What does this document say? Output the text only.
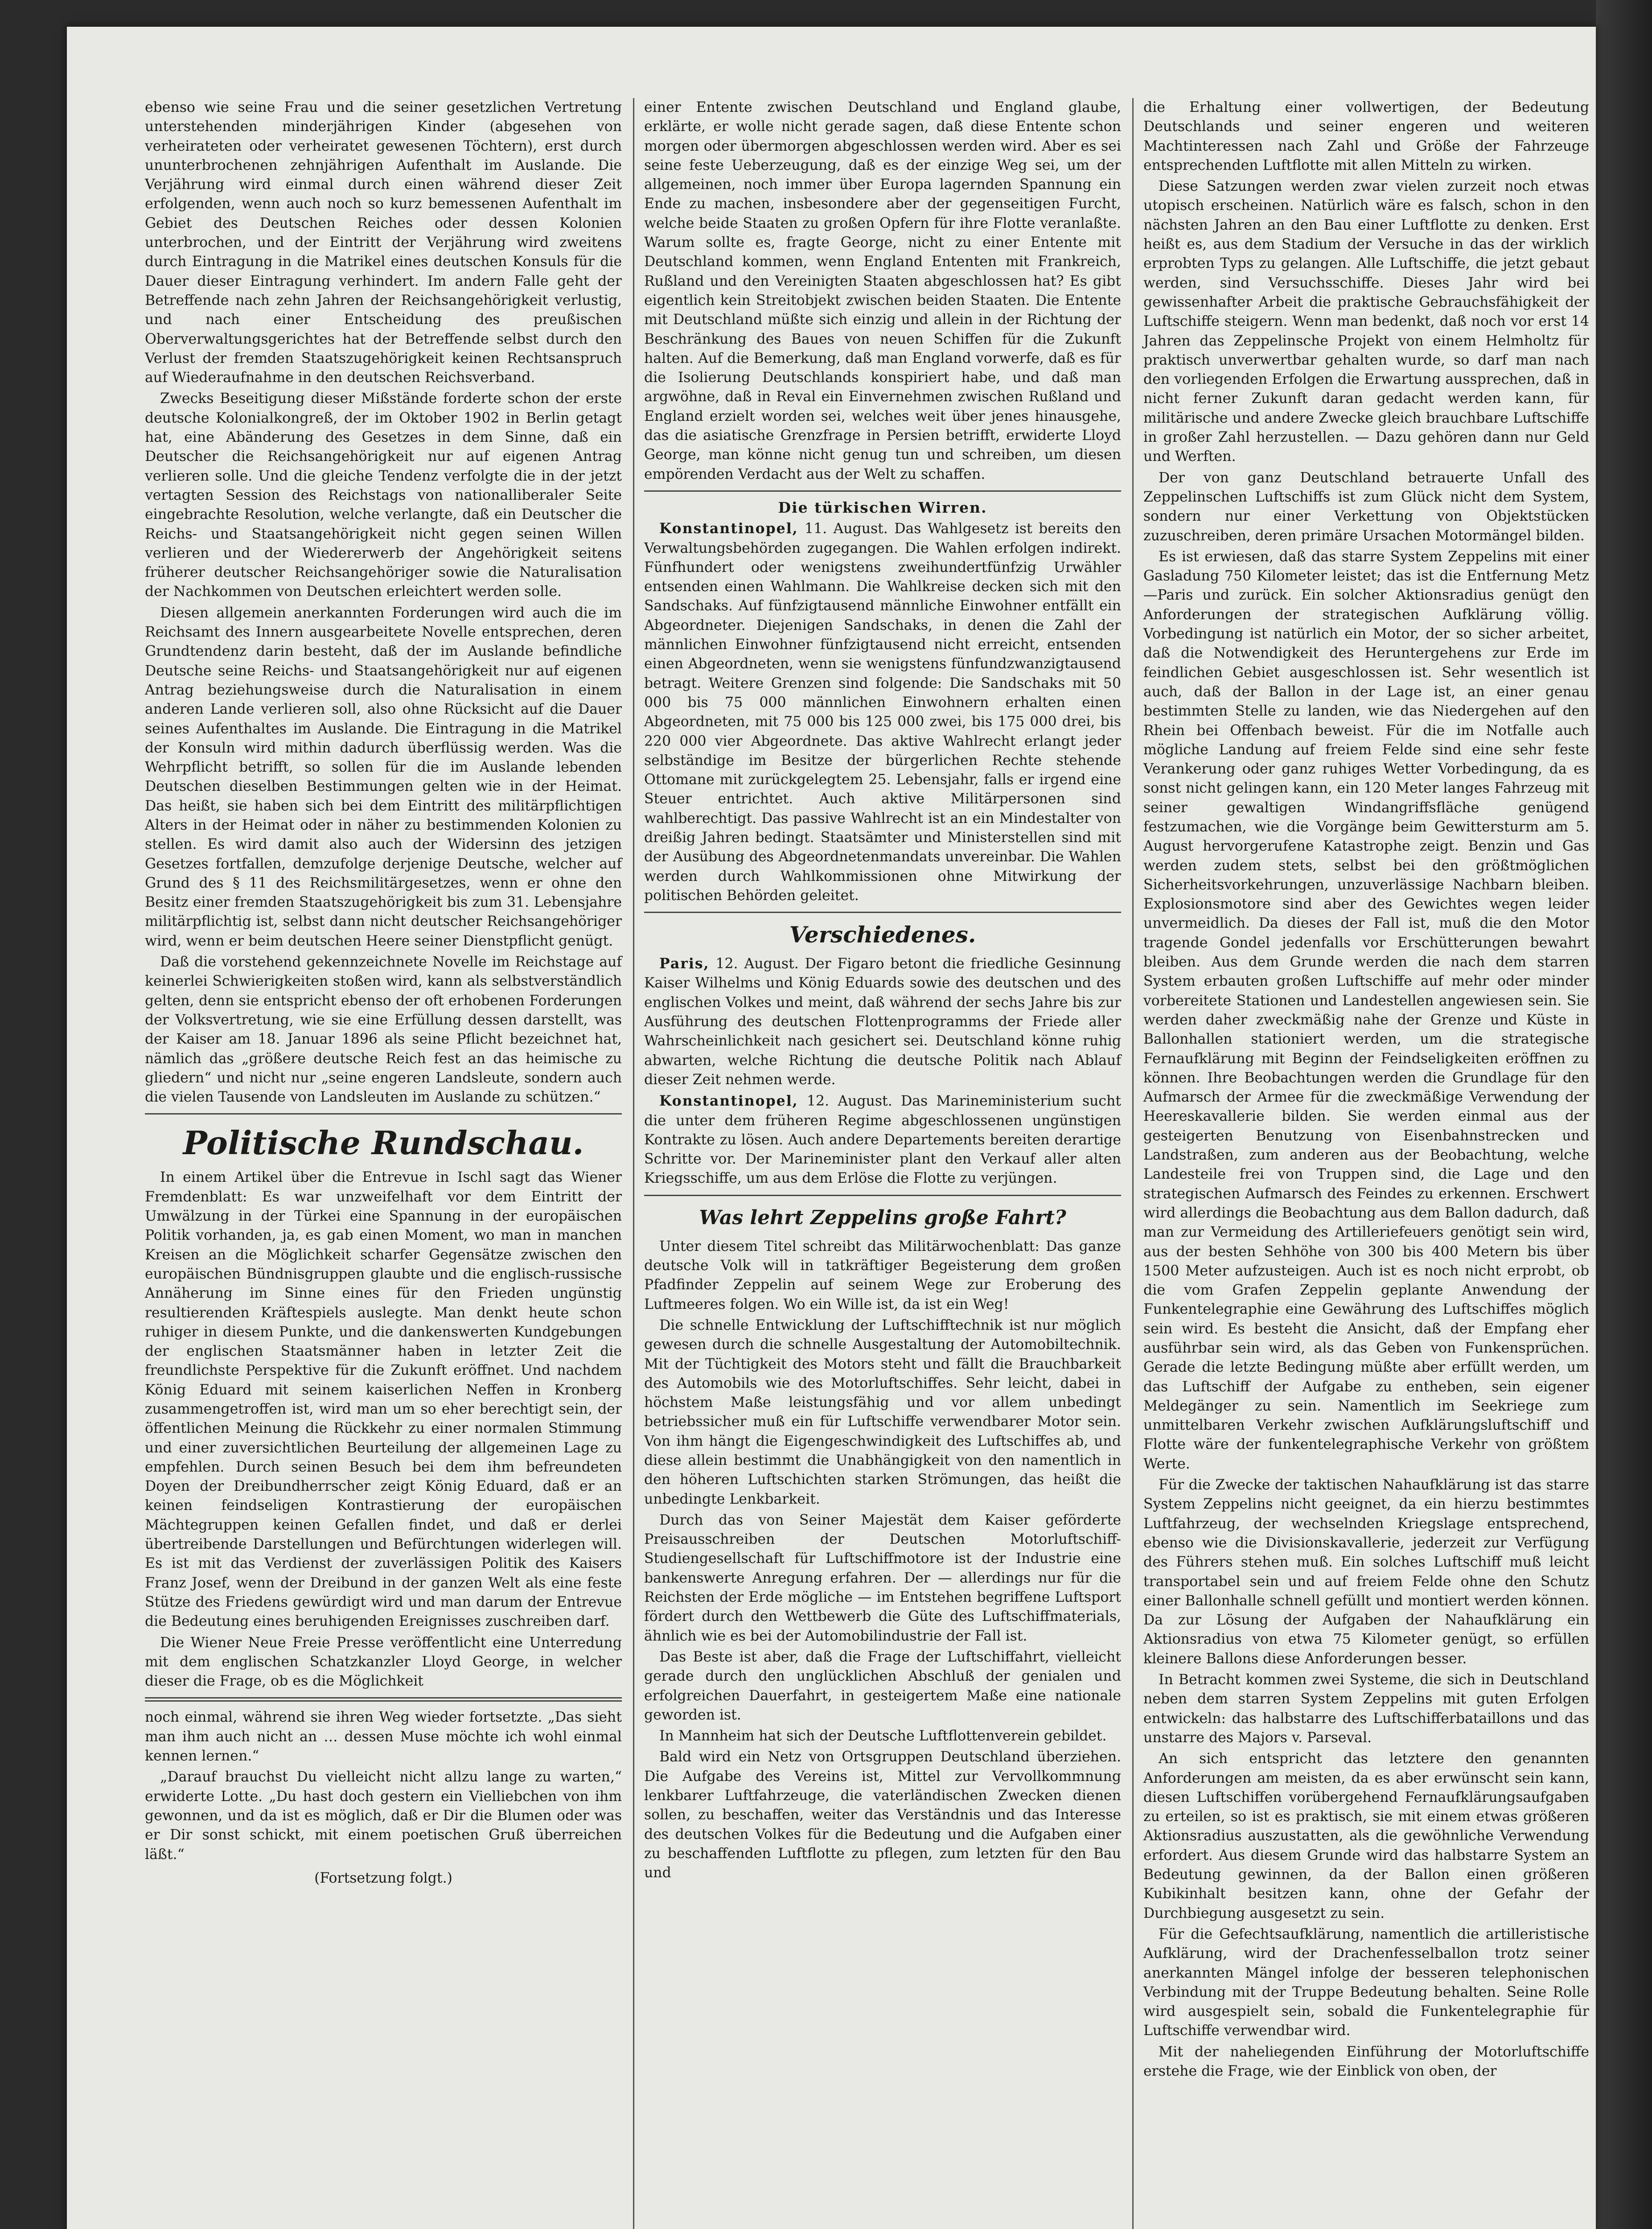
ebenso wie seine Frau und die seiner gesetzlichen Vertretung unterstehenden minderjährigen Kinder (abgesehen von verheirateten oder verheiratet gewesenen Töchtern), erst durch ununterbrochenen zehnjährigen Aufenthalt im Auslande. Die Verjährung wird einmal durch einen während dieser Zeit erfolgenden, wenn auch noch so kurz bemessenen Aufenthalt im Gebiet des Deutschen Reiches oder dessen Kolonien unterbrochen, und der Eintritt der Verjährung wird zweitens durch Eintragung in die Matrikel eines deutschen Konsuls für die Dauer dieser Eintragung verhindert. Im andern Falle geht der Betreffende nach zehn Jahren der Reichsangehörigkeit verlustig, und nach einer Entscheidung des preußischen Oberverwaltungsgerichtes hat der Betreffende selbst durch den Verlust der fremden Staatszugehörigkeit keinen Rechtsanspruch auf Wiederaufnahme in den deutschen Reichsverband.

Zwecks Beseitigung dieser Mißstände forderte schon der erste deutsche Kolonialkongreß, der im Oktober 1902 in Berlin getagt hat, eine Abänderung des Gesetzes in dem Sinne, daß ein Deutscher die Reichsangehörigkeit nur auf eigenen Antrag verlieren solle. Und die gleiche Tendenz verfolgte die in der jetzt vertagten Session des Reichstags von nationalliberaler Seite eingebrachte Resolution, welche verlangte, daß ein Deutscher die Reichs- und Staatsangehörigkeit nicht gegen seinen Willen verlieren und der Wiedererwerb der Angehörigkeit seitens früherer deutscher Reichsangehöriger sowie die Naturalisation der Nachkommen von Deutschen erleichtert werden solle.

Diesen allgemein anerkannten Forderungen wird auch die im Reichsamt des Innern ausgearbeitete Novelle entsprechen, deren Grundtendenz darin besteht, daß der im Auslande befindliche Deutsche seine Reichs- und Staatsangehörigkeit nur auf eigenen Antrag beziehungsweise durch die Naturalisation in einem anderen Lande verlieren soll, also ohne Rücksicht auf die Dauer seines Aufenthaltes im Auslande. Die Eintragung in die Matrikel der Konsuln wird mithin dadurch überflüssig werden. Was die Wehrpflicht betrifft, so sollen für die im Auslande lebenden Deutschen dieselben Bestimmungen gelten wie in der Heimat. Das heißt, sie haben sich bei dem Eintritt des militärpflichtigen Alters in der Heimat oder in näher zu bestimmenden Kolonien zu stellen. Es wird damit also auch der Widersinn des jetzigen Gesetzes fortfallen, demzufolge derjenige Deutsche, welcher auf Grund des § 11 des Reichsmilitärgesetzes, wenn er ohne den Besitz einer fremden Staatszugehörigkeit bis zum 31. Lebensjahre militärpflichtig ist, selbst dann nicht deutscher Reichsangehöriger wird, wenn er beim deutschen Heere seiner Dienstpflicht genügt.

Daß die vorstehend gekennzeichnete Novelle im Reichstage auf keinerlei Schwierigkeiten stoßen wird, kann als selbstverständlich gelten, denn sie entspricht ebenso der oft erhobenen Forderungen der Volksvertretung, wie sie eine Erfüllung dessen darstellt, was der Kaiser am 18. Januar 1896 als seine Pflicht bezeichnet hat, nämlich das „größere deutsche Reich fest an das heimische zu gliedern“ und nicht nur „seine engeren Landsleute, sondern auch die vielen Tausende von Landsleuten im Auslande zu schützen.“

Politische Rundschau.

In einem Artikel über die Entrevue in Ischl sagt das Wiener Fremdenblatt: Es war unzweifelhaft vor dem Eintritt der Umwälzung in der Türkei eine Spannung in der europäischen Politik vorhanden, ja, es gab einen Moment, wo man in manchen Kreisen an die Möglichkeit scharfer Gegensätze zwischen den europäischen Bündnisgruppen glaubte und die englisch-russische Annäherung im Sinne eines für den Frieden ungünstig resultierenden Kräftespiels auslegte. Man denkt heute schon ruhiger in diesem Punkte, und die dankenswerten Kundgebungen der englischen Staatsmänner haben in letzter Zeit die freundlichste Perspektive für die Zukunft eröffnet. Und nachdem König Eduard mit seinem kaiserlichen Neffen in Kronberg zusammengetroffen ist, wird man um so eher berechtigt sein, der öffentlichen Meinung die Rückkehr zu einer normalen Stimmung und einer zuversichtlichen Beurteilung der allgemeinen Lage zu empfehlen. Durch seinen Besuch bei dem ihm befreundeten Doyen der Dreibundherrscher zeigt König Eduard, daß er an keinen feindseligen Kontrastierung der europäischen Mächtegruppen keinen Gefallen findet, und daß er derlei übertreibende Darstellungen und Befürchtungen widerlegen will. Es ist mit das Verdienst der zuverlässigen Politik des Kaisers Franz Josef, wenn der Dreibund in der ganzen Welt als eine feste Stütze des Friedens gewürdigt wird und man darum der Entrevue die Bedeutung eines beruhigenden Ereignisses zuschreiben darf.

Die Wiener Neue Freie Presse veröffentlicht eine Unterredung mit dem englischen Schatzkanzler Lloyd George, in welcher dieser die Frage, ob es die Möglichkeit

noch einmal, während sie ihren Weg wieder fortsetzte. „Das sieht man ihm auch nicht an … dessen Muse möchte ich wohl einmal kennen lernen.“

„Darauf brauchst Du vielleicht nicht allzu lange zu warten,“ erwiderte Lotte. „Du hast doch gestern ein Vielliebchen von ihm gewonnen, und da ist es möglich, daß er Dir die Blumen oder was er Dir sonst schickt, mit einem poetischen Gruß überreichen läßt.“

(Fortsetzung folgt.)

einer Entente zwischen Deutschland und England glaube, erklärte, er wolle nicht gerade sagen, daß diese Entente schon morgen oder übermorgen abgeschlossen werden wird. Aber es sei seine feste Ueberzeugung, daß es der einzige Weg sei, um der allgemeinen, noch immer über Europa lagernden Spannung ein Ende zu machen, insbesondere aber der gegenseitigen Furcht, welche beide Staaten zu großen Opfern für ihre Flotte veranlaßte. Warum sollte es, fragte George, nicht zu einer Entente mit Deutschland kommen, wenn England Ententen mit Frankreich, Rußland und den Vereinigten Staaten abgeschlossen hat? Es gibt eigentlich kein Streitobjekt zwischen beiden Staaten. Die Entente mit Deutschland müßte sich einzig und allein in der Richtung der Beschränkung des Baues von neuen Schiffen für die Zukunft halten. Auf die Bemerkung, daß man England vorwerfe, daß es für die Isolierung Deutschlands konspiriert habe, und daß man argwöhne, daß in Reval ein Einvernehmen zwischen Rußland und England erzielt worden sei, welches weit über jenes hinausgehe, das die asiatische Grenzfrage in Persien betrifft, erwiderte Lloyd George, man könne nicht genug tun und schreiben, um diesen empörenden Verdacht aus der Welt zu schaffen.

Die türkischen Wirren.

Konstantinopel, 11. August. Das Wahlgesetz ist bereits den Verwaltungsbehörden zugegangen. Die Wahlen erfolgen indirekt. Fünfhundert oder wenigstens zweihundertfünfzig Urwähler entsenden einen Wahlmann. Die Wahlkreise decken sich mit den Sandschaks. Auf fünfzigtausend männliche Einwohner entfällt ein Abgeordneter. Diejenigen Sandschaks, in denen die Zahl der männlichen Einwohner fünfzigtausend nicht erreicht, entsenden einen Abgeordneten, wenn sie wenigstens fünfundzwanzigtausend betragt. Weitere Grenzen sind folgende: Die Sandschaks mit 50 000 bis 75 000 männlichen Einwohnern erhalten einen Abgeordneten, mit 75 000 bis 125 000 zwei, bis 175 000 drei, bis 220 000 vier Abgeordnete. Das aktive Wahlrecht erlangt jeder selbständige im Besitze der bürgerlichen Rechte stehende Ottomane mit zurückgelegtem 25. Lebensjahr, falls er irgend eine Steuer entrichtet. Auch aktive Militärpersonen sind wahlberechtigt. Das passive Wahlrecht ist an ein Mindestalter von dreißig Jahren bedingt. Staatsämter und Ministerstellen sind mit der Ausübung des Abgeordnetenmandats unvereinbar. Die Wahlen werden durch Wahlkommissionen ohne Mitwirkung der politischen Behörden geleitet.

Verschiedenes.

Paris, 12. August. Der Figaro betont die friedliche Gesinnung Kaiser Wilhelms und König Eduards sowie des deutschen und des englischen Volkes und meint, daß während der sechs Jahre bis zur Ausführung des deutschen Flottenprogramms der Friede aller Wahrscheinlichkeit nach gesichert sei. Deutschland könne ruhig abwarten, welche Richtung die deutsche Politik nach Ablauf dieser Zeit nehmen werde.

Konstantinopel, 12. August. Das Marineministerium sucht die unter dem früheren Regime abgeschlossenen ungünstigen Kontrakte zu lösen. Auch andere Departements bereiten derartige Schritte vor. Der Marineminister plant den Verkauf aller alten Kriegsschiffe, um aus dem Erlöse die Flotte zu verjüngen.

Was lehrt Zeppelins große Fahrt?

Unter diesem Titel schreibt das Militärwochenblatt: Das ganze deutsche Volk will in tatkräftiger Begeisterung dem großen Pfadfinder Zeppelin auf seinem Wege zur Eroberung des Luftmeeres folgen. Wo ein Wille ist, da ist ein Weg!

Die schnelle Entwicklung der Luftschifftechnik ist nur möglich gewesen durch die schnelle Ausgestaltung der Automobiltechnik. Mit der Tüchtigkeit des Motors steht und fällt die Brauchbarkeit des Automobils wie des Motorluftschiffes. Sehr leicht, dabei in höchstem Maße leistungsfähig und vor allem unbedingt betriebssicher muß ein für Luftschiffe verwendbarer Motor sein. Von ihm hängt die Eigengeschwindigkeit des Luftschiffes ab, und diese allein bestimmt die Unabhängigkeit von den namentlich in den höheren Luftschichten starken Strömungen, das heißt die unbedingte Lenkbarkeit.

Durch das von Seiner Majestät dem Kaiser geförderte Preisausschreiben der Deutschen Motorluftschiff-Studiengesellschaft für Luftschiffmotore ist der Industrie eine bankenswerte Anregung erfahren. Der — allerdings nur für die Reichsten der Erde mögliche — im Entstehen begriffene Luftsport fördert durch den Wettbewerb die Güte des Luftschiffmaterials, ähnlich wie es bei der Automobilindustrie der Fall ist.

Das Beste ist aber, daß die Frage der Luftschiffahrt, vielleicht gerade durch den unglücklichen Abschluß der genialen und erfolgreichen Dauerfahrt, in gesteigertem Maße eine nationale geworden ist.

In Mannheim hat sich der Deutsche Luftflottenverein gebildet.

Bald wird ein Netz von Ortsgruppen Deutschland überziehen. Die Aufgabe des Vereins ist, Mittel zur Vervollkommnung lenkbarer Luftfahrzeuge, die vaterländischen Zwecken dienen sollen, zu beschaffen, weiter das Verständnis und das Interesse des deutschen Volkes für die Bedeutung und die Aufgaben einer zu beschaffenden Luftflotte zu pflegen, zum letzten für den Bau und

die Erhaltung einer vollwertigen, der Bedeutung Deutschlands und seiner engeren und weiteren Machtinteressen nach Zahl und Größe der Fahrzeuge entsprechenden Luftflotte mit allen Mitteln zu wirken.

Diese Satzungen werden zwar vielen zurzeit noch etwas utopisch erscheinen. Natürlich wäre es falsch, schon in den nächsten Jahren an den Bau einer Luftflotte zu denken. Erst heißt es, aus dem Stadium der Versuche in das der wirklich erprobten Typs zu gelangen. Alle Luftschiffe, die jetzt gebaut werden, sind Versuchsschiffe. Dieses Jahr wird bei gewissenhafter Arbeit die praktische Gebrauchsfähigkeit der Luftschiffe steigern. Wenn man bedenkt, daß noch vor erst 14 Jahren das Zeppelinsche Projekt von einem Helmholtz für praktisch unverwertbar gehalten wurde, so darf man nach den vorliegenden Erfolgen die Erwartung aussprechen, daß in nicht ferner Zukunft daran gedacht werden kann, für militärische und andere Zwecke gleich brauchbare Luftschiffe in großer Zahl herzustellen. — Dazu gehören dann nur Geld und Werften.

Der von ganz Deutschland betrauerte Unfall des Zeppelinschen Luftschiffs ist zum Glück nicht dem System, sondern nur einer Verkettung von Objektstücken zuzuschreiben, deren primäre Ursachen Motormängel bilden.

Es ist erwiesen, daß das starre System Zeppelins mit einer Gasladung 750 Kilometer leistet; das ist die Entfernung Metz—Paris und zurück. Ein solcher Aktionsradius genügt den Anforderungen der strategischen Aufklärung völlig. Vorbedingung ist natürlich ein Motor, der so sicher arbeitet, daß die Notwendigkeit des Heruntergehens zur Erde im feindlichen Gebiet ausgeschlossen ist. Sehr wesentlich ist auch, daß der Ballon in der Lage ist, an einer genau bestimmten Stelle zu landen, wie das Niedergehen auf den Rhein bei Offenbach beweist. Für die im Notfalle auch mögliche Landung auf freiem Felde sind eine sehr feste Verankerung oder ganz ruhiges Wetter Vorbedingung, da es sonst nicht gelingen kann, ein 120 Meter langes Fahrzeug mit seiner gewaltigen Windangriffsfläche genügend festzumachen, wie die Vorgänge beim Gewittersturm am 5. August hervorgerufene Katastrophe zeigt. Benzin und Gas werden zudem stets, selbst bei den größtmöglichen Sicherheitsvorkehrungen, unzuverlässige Nachbarn bleiben. Explosionsmotore sind aber des Gewichtes wegen leider unvermeidlich. Da dieses der Fall ist, muß die den Motor tragende Gondel jedenfalls vor Erschütterungen bewahrt bleiben. Aus dem Grunde werden die nach dem starren System erbauten großen Luftschiffe auf mehr oder minder vorbereitete Stationen und Landestellen angewiesen sein. Sie werden daher zweckmäßig nahe der Grenze und Küste in Ballonhallen stationiert werden, um die strategische Fernaufklärung mit Beginn der Feindseligkeiten eröffnen zu können. Ihre Beobachtungen werden die Grundlage für den Aufmarsch der Armee für die zweckmäßige Verwendung der Heereskavallerie bilden. Sie werden einmal aus der gesteigerten Benutzung von Eisenbahnstrecken und Landstraßen, zum anderen aus der Beobachtung, welche Landesteile frei von Truppen sind, die Lage und den strategischen Aufmarsch des Feindes zu erkennen. Erschwert wird allerdings die Beobachtung aus dem Ballon dadurch, daß man zur Vermeidung des Artilleriefeuers genötigt sein wird, aus der besten Sehhöhe von 300 bis 400 Metern bis über 1500 Meter aufzusteigen. Auch ist es noch nicht erprobt, ob die vom Grafen Zeppelin geplante Anwendung der Funkentelegraphie eine Gewährung des Luftschiffes möglich sein wird. Es besteht die Ansicht, daß der Empfang eher ausführbar sein wird, als das Geben von Funkensprüchen. Gerade die letzte Bedingung müßte aber erfüllt werden, um das Luftschiff der Aufgabe zu entheben, sein eigener Meldegänger zu sein. Namentlich im Seekriege zum unmittelbaren Verkehr zwischen Aufklärungsluftschiff und Flotte wäre der funkentelegraphische Verkehr von größtem Werte.

Für die Zwecke der taktischen Nahaufklärung ist das starre System Zeppelins nicht geeignet, da ein hierzu bestimmtes Luftfahrzeug, der wechselnden Kriegslage entsprechend, ebenso wie die Divisionskavallerie, jederzeit zur Verfügung des Führers stehen muß. Ein solches Luftschiff muß leicht transportabel sein und auf freiem Felde ohne den Schutz einer Ballonhalle schnell gefüllt und montiert werden können. Da zur Lösung der Aufgaben der Nahaufklärung ein Aktionsradius von etwa 75 Kilometer genügt, so erfüllen kleinere Ballons diese Anforderungen besser.

In Betracht kommen zwei Systeme, die sich in Deutschland neben dem starren System Zeppelins mit guten Erfolgen entwickeln: das halbstarre des Luftschifferbataillons und das unstarre des Majors v. Parseval.

An sich entspricht das letztere den genannten Anforderungen am meisten, da es aber erwünscht sein kann, diesen Luftschiffen vorübergehend Fernaufklärungsaufgaben zu erteilen, so ist es praktisch, sie mit einem etwas größeren Aktionsradius auszustatten, als die gewöhnliche Verwendung erfordert. Aus diesem Grunde wird das halbstarre System an Bedeutung gewinnen, da der Ballon einen größeren Kubikinhalt besitzen kann, ohne der Gefahr der Durchbiegung ausgesetzt zu sein.

Für die Gefechtsaufklärung, namentlich die artilleristische Aufklärung, wird der Drachenfesselballon trotz seiner anerkannten Mängel infolge der besseren telephonischen Verbindung mit der Truppe Bedeutung behalten. Seine Rolle wird ausgespielt sein, sobald die Funkentelegraphie für Luftschiffe verwendbar wird.

Mit der naheliegenden Einführung der Motorluftschiffe erstehe die Frage, wie der Einblick von oben, der
